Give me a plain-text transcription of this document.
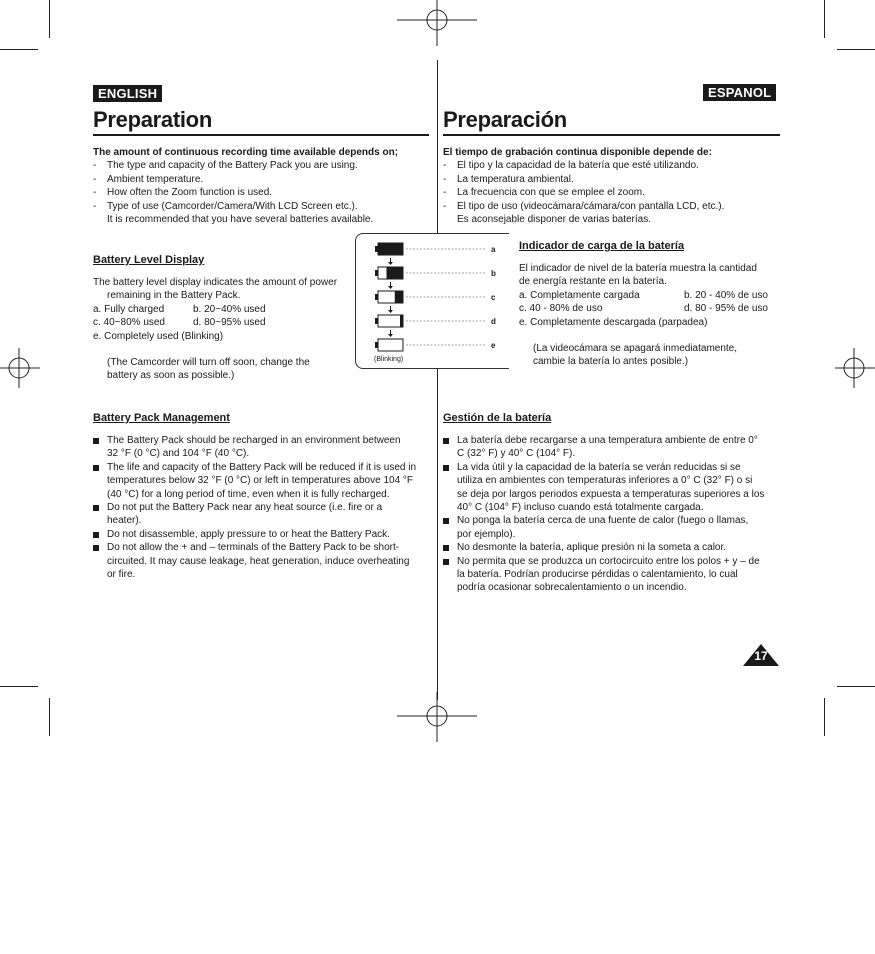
ENGLISH
Preparation

The amount of continuous recording time available depends on;

- The type and capacity of the Battery Pack you are using.
- Ambient temperature.
- How often the Zoom function is used.
- Type of use (Camcorder/Camera/With LCD Screen etc.).

It is recommended that you have several batteries available.

Battery Level Display

The battery level display indicates the amount of power

remaining in the Battery Pack.

a. Fully charged	b. 20~40% used
c. 40~80% used	d. 80~95% used

e. Completely used (Blinking)

(The Camcorder will turn off soon, change the

battery as soon as possible.)

Battery Pack Management
The Battery Pack should be recharged in an environment between
32 °F (0 °C) and 104 °F (40 °C).
The life and capacity of the Battery Pack will be reduced if it is used in
temperatures below 32 °F (0 °C) or left in temperatures above 104 °F
(40 °C) for a long period of time, even when it is fully recharged.
Do not put the Battery Pack near any heat source (i.e. fire or a
heater).
Do not disassemble, apply pressure to or heat the Battery Pack.
Do not allow the + and – terminals of the Battery Pack to be short-
circuited. It may cause leakage, heat generation, induce overheating
or fire.
a
b
c
d
e
(Blinking)
ESPANOL
Preparación

El tiempo de grabación continua disponible depende de:

- El tipo y la capacidad de la batería que esté utilizando.
- La temperatura ambiental.
- La frecuencia con que se emplee el zoom.
- El tipo de uso (videocámara/cámara/con pantalla LCD, etc.).

Es aconsejable disponer de varias baterías.

Indicador de carga de la batería

El indicador de nivel de la batería muestra la cantidad

de energía restante en la batería.

a. Completamente cargada	b. 20 - 40% de uso
c. 40 - 80% de uso	d. 80 - 95% de uso

e. Completamente descargada (parpadea)

(La videocámara se apagará inmediatamente,

cambie la batería lo antes posible.)

Gestión de la batería
La batería debe recargarse a una temperatura ambiente de entre 0°
C (32° F) y 40° C (104° F).
La vida útil y la capacidad de la batería se verán reducidas si se
utiliza en ambientes con temperaturas inferiores a 0° C (32° F) o si
se deja por largos periodos expuesta a temperaturas superiores a los
40° C (104° F) incluso cuando está totalmente cargada.
No ponga la batería cerca de una fuente de calor (fuego o llamas,
por ejemplo).
No desmonte la batería, aplique presión ni la someta a calor.
No permita que se produzca un cortocircuito entre los polos + y – de
la batería. Podrían producirse pérdidas o calentamiento, lo cual
podría ocasionar sobrecalentamiento o un incendio.
17
